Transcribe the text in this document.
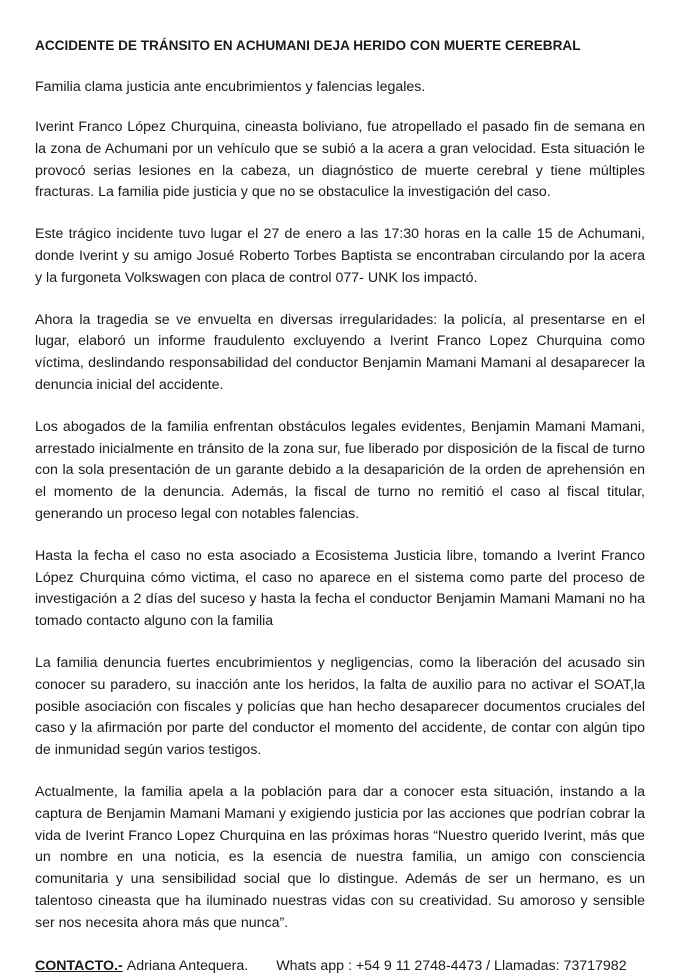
ACCIDENTE DE TRÁNSITO EN ACHUMANI DEJA HERIDO CON MUERTE CEREBRAL
Familia clama justicia ante encubrimientos y falencias legales.

Iverint Franco López Churquina, cineasta boliviano, fue atropellado el pasado fin de semana en la zona de Achumani por un vehículo que se subió a la acera a gran velocidad. Esta situación le provocó serias lesiones en la cabeza, un diagnóstico de muerte cerebral y tiene múltiples fracturas. La familia pide justicia y que no se obstaculice la investigación del caso.

Este trágico incidente tuvo lugar el 27 de enero a las 17:30 horas en la calle 15 de Achumani, donde Iverint y su amigo Josué Roberto Torbes Baptista se encontraban circulando por la acera y la furgoneta Volkswagen con placa de control 077- UNK los impactó.

Ahora la tragedia se ve envuelta en diversas irregularidades: la policía, al presentarse en el lugar, elaboró un informe fraudulento excluyendo a Iverint Franco Lopez Churquina como víctima, deslindando responsabilidad del conductor Benjamin Mamani Mamani al desaparecer la denuncia inicial del accidente.

Los abogados de la familia enfrentan obstáculos legales evidentes, Benjamin Mamani Mamani, arrestado inicialmente en tránsito de la zona sur, fue liberado por disposición de la fiscal de turno con la sola presentación de un garante debido a la desaparición de la orden de aprehensión en el momento de la denuncia. Además, la fiscal de turno no remitió el caso al fiscal titular, generando un proceso legal con notables falencias.

Hasta la fecha el caso no esta asociado a Ecosistema Justicia libre, tomando a Iverint Franco López Churquina cómo victima, el caso no aparece en el sistema como parte del proceso de investigación a 2 días del suceso y hasta la fecha el conductor Benjamin Mamani Mamani no ha tomado contacto alguno con la familia

La familia denuncia fuertes encubrimientos y negligencias, como la liberación del acusado sin conocer su paradero, su inacción ante los heridos, la falta de auxilio para no activar el SOAT,la posible asociación con fiscales y policías que han hecho desaparecer documentos cruciales del caso y la afirmación por parte del conductor el momento del accidente, de contar con algún tipo de inmunidad según varios testigos.

Actualmente, la familia apela a la población para dar a conocer esta situación, instando a la captura de Benjamin Mamani Mamani y exigiendo justicia por las acciones que podrían cobrar la vida de Iverint Franco Lopez Churquina en las próximas horas “Nuestro querido Iverint, más que un nombre en una noticia, es la esencia de nuestra familia, un amigo con consciencia comunitaria y una sensibilidad social que lo distingue. Además de ser un hermano, es un talentoso cineasta que ha iluminado nuestras vidas con su creatividad. Su amoroso y sensible ser nos necesita ahora más que nunca”.

CONTACTO.- Adriana Antequera. Whats app : +54 9 11 2748-4473 / Llamadas: 73717982
